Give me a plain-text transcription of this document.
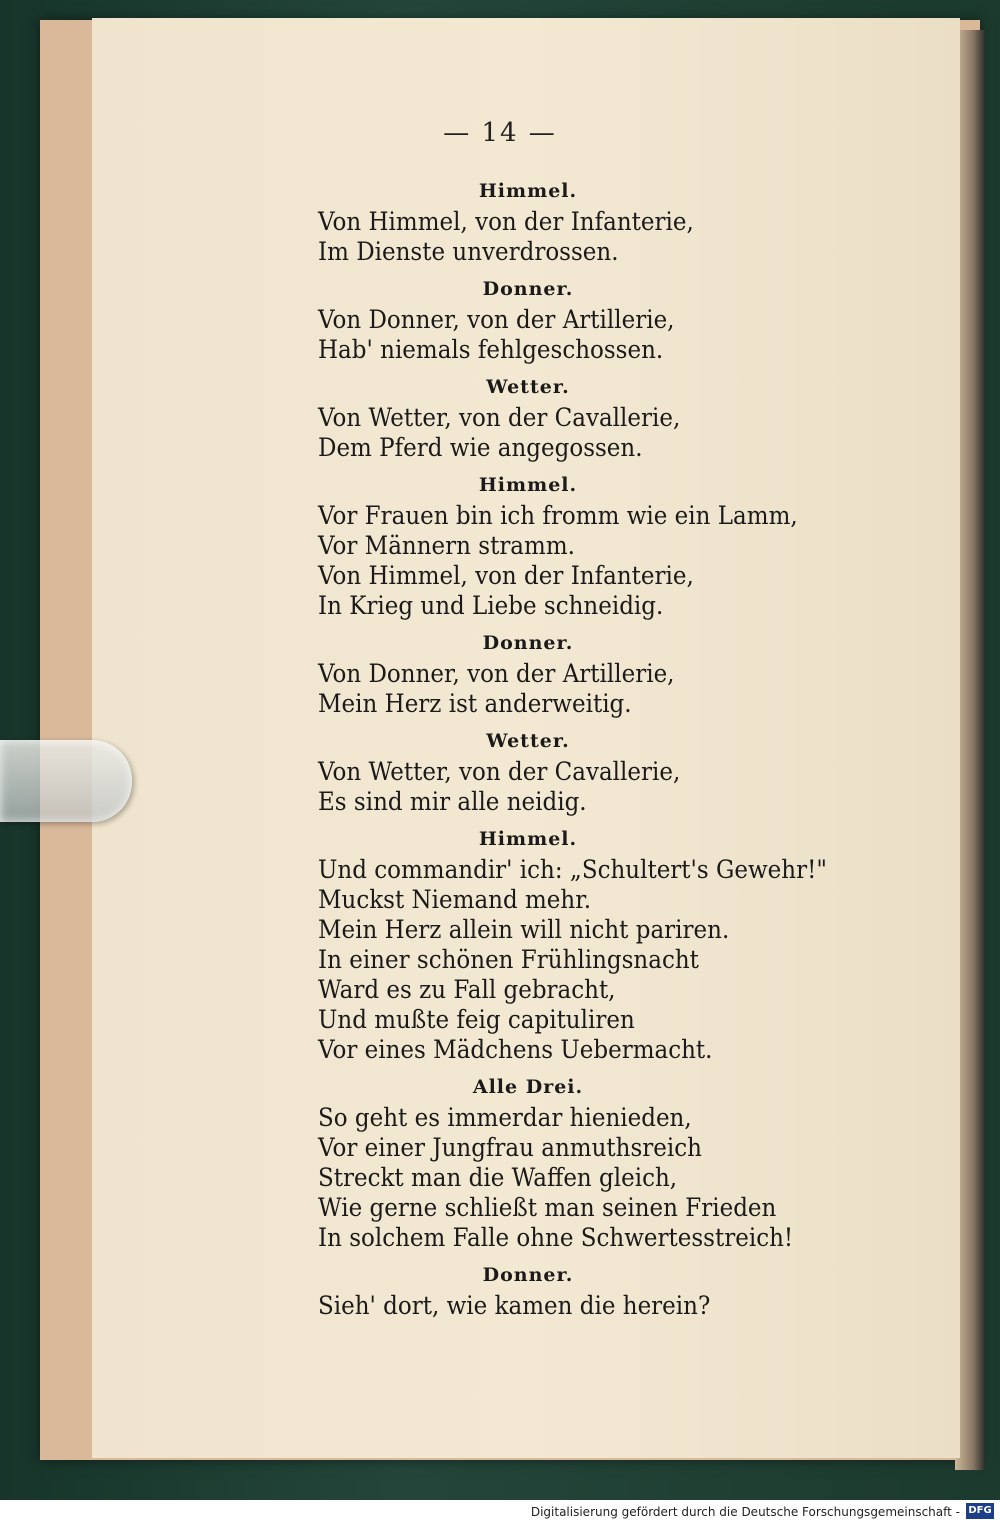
— 14 —

Himmel.

Von Himmel, von der Infanterie,

Im Dienste unverdrossen.

Donner.

Von Donner, von der Artillerie,

Hab' niemals fehlgeschossen.

Wetter.

Von Wetter, von der Cavallerie,

Dem Pferd wie angegossen.

Himmel.

Vor Frauen bin ich fromm wie ein Lamm,

Vor Männern stramm.

Von Himmel, von der Infanterie,

In Krieg und Liebe schneidig.

Donner.

Von Donner, von der Artillerie,

Mein Herz ist anderweitig.

Wetter.

Von Wetter, von der Cavallerie,

Es sind mir alle neidig.

Himmel.

Und commandir' ich: „Schultert's Gewehr!"

Muckst Niemand mehr.

Mein Herz allein will nicht pariren.

In einer schönen Frühlingsnacht

Ward es zu Fall gebracht,

Und mußte feig capituliren

Vor eines Mädchens Uebermacht.

Alle Drei.

So geht es immerdar hienieden,

Vor einer Jungfrau anmuthsreich

Streckt man die Waffen gleich,

Wie gerne schließt man seinen Frieden

In solchem Falle ohne Schwertesstreich!

Donner.

Sieh' dort, wie kamen die herein?

Digitalisierung gefördert durch die Deutsche Forschungsgemeinschaft - DFG
